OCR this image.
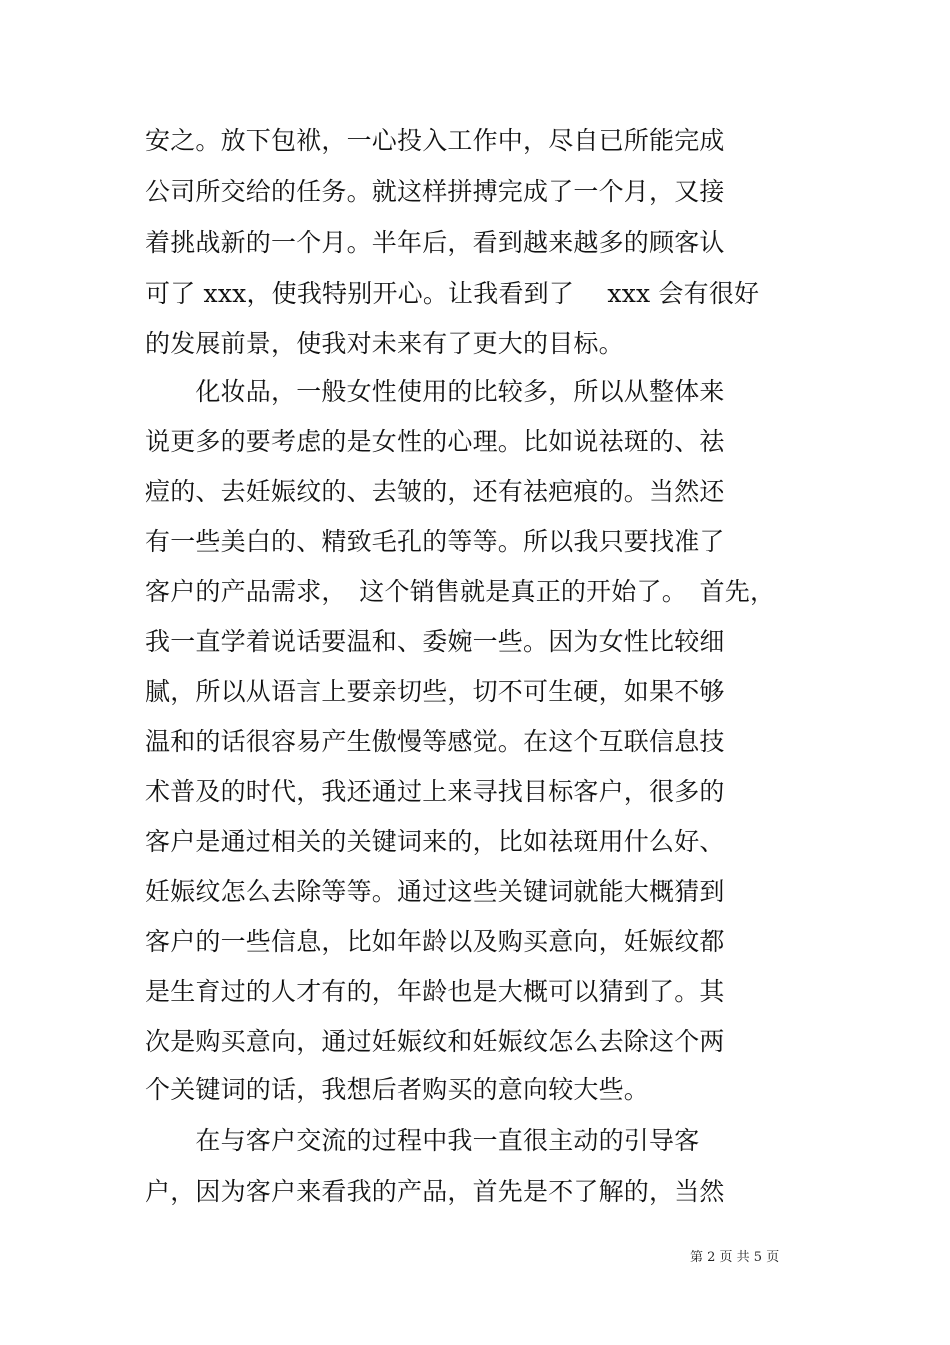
安之。放下包袱，一心投入工作中，尽自已所能完成
公司所交给的任务。就这样拼搏完成了一个月，又接
着挑战新的一个月。半年后，看到越来越多的顾客认
可了 xxx，使我特别开心。让我看到了　 xxx 会有很好
的发展前景，使我对未来有了更大的目标。
　　化妆品，一般女性使用的比较多，所以从整体来
说更多的要考虑的是女性的心理。比如说祛斑的、祛
痘的、去妊娠纹的、去皱的，还有祛疤痕的。当然还
有一些美白的、精致毛孔的等等。所以我只要找准了
客户的产品需求，　这个销售就是真正的开始了。　首先，
我一直学着说话要温和、委婉一些。因为女性比较细
腻，所以从语言上要亲切些，切不可生硬，如果不够
温和的话很容易产生傲慢等感觉。在这个互联信息技
术普及的时代，我还通过上来寻找目标客户，很多的
客户是通过相关的关键词来的，比如祛斑用什么好、
妊娠纹怎么去除等等。通过这些关键词就能大概猜到
客户的一些信息，比如年龄以及购买意向，妊娠纹都
是生育过的人才有的，年龄也是大概可以猜到了。其
次是购买意向，通过妊娠纹和妊娠纹怎么去除这个两
个关键词的话，我想后者购买的意向较大些。
　　在与客户交流的过程中我一直很主动的引导客
户，因为客户来看我的产品，首先是不了解的，当然
第 2 页 共 5 页
